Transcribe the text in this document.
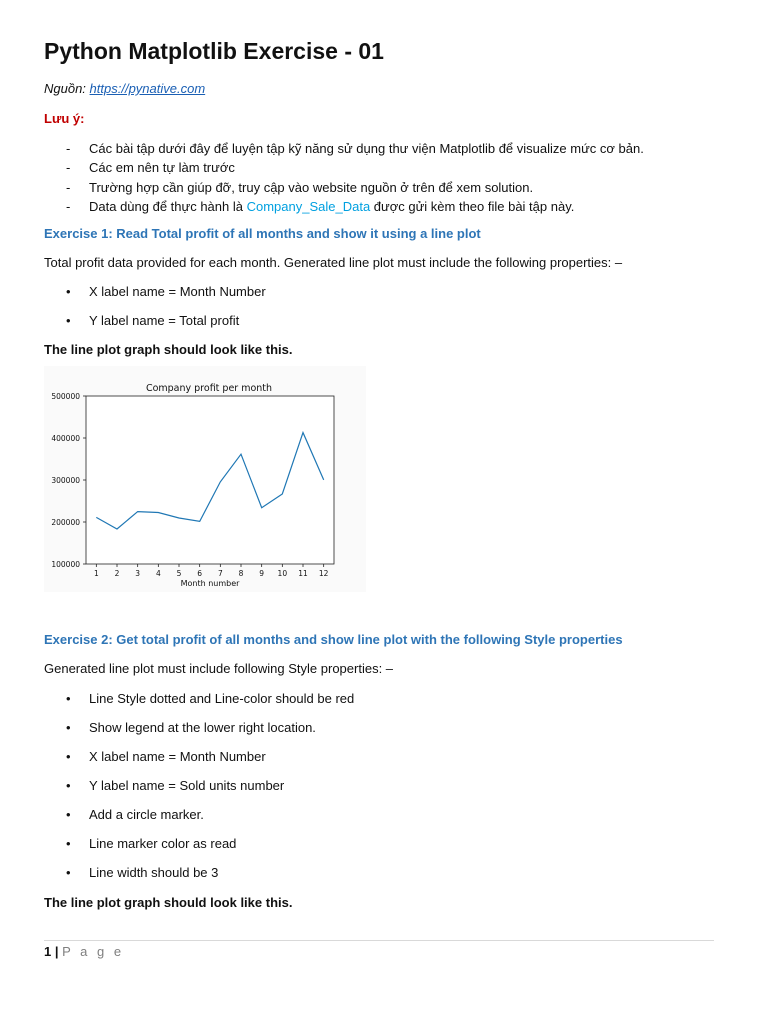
Python Matplotlib Exercise - 01
Nguồn: https://pynative.com
Lưu ý:
- Các bài tập dưới đây để luyện tập kỹ năng sử dụng thư viện Matplotlib để visualize mức cơ bản.
- Các em nên tự làm trước
- Trường hợp cần giúp đỡ, truy cập vào website nguồn ở trên để xem solution.
- Data dùng để thực hành là Company_Sale_Data được gửi kèm theo file bài tập này.
Exercise 1: Read Total profit of all months and show it using a line plot
Total profit data provided for each month. Generated line plot must include the following properties: –
• X label name = Month Number
• Y label name = Total profit
The line plot graph should look like this.
Company profit per month
100000
200000
300000
400000
500000
1 2 3 4 5 6 7 8 9 10 11 12
Month number
Exercise 2: Get total profit of all months and show line plot with the following Style properties
Generated line plot must include following Style properties: –
• Line Style dotted and Line-color should be red
• Show legend at the lower right location.
• X label name = Month Number
• Y label name = Sold units number
• Add a circle marker.
• Line marker color as read
• Line width should be 3
The line plot graph should look like this.
1 | P a g e
